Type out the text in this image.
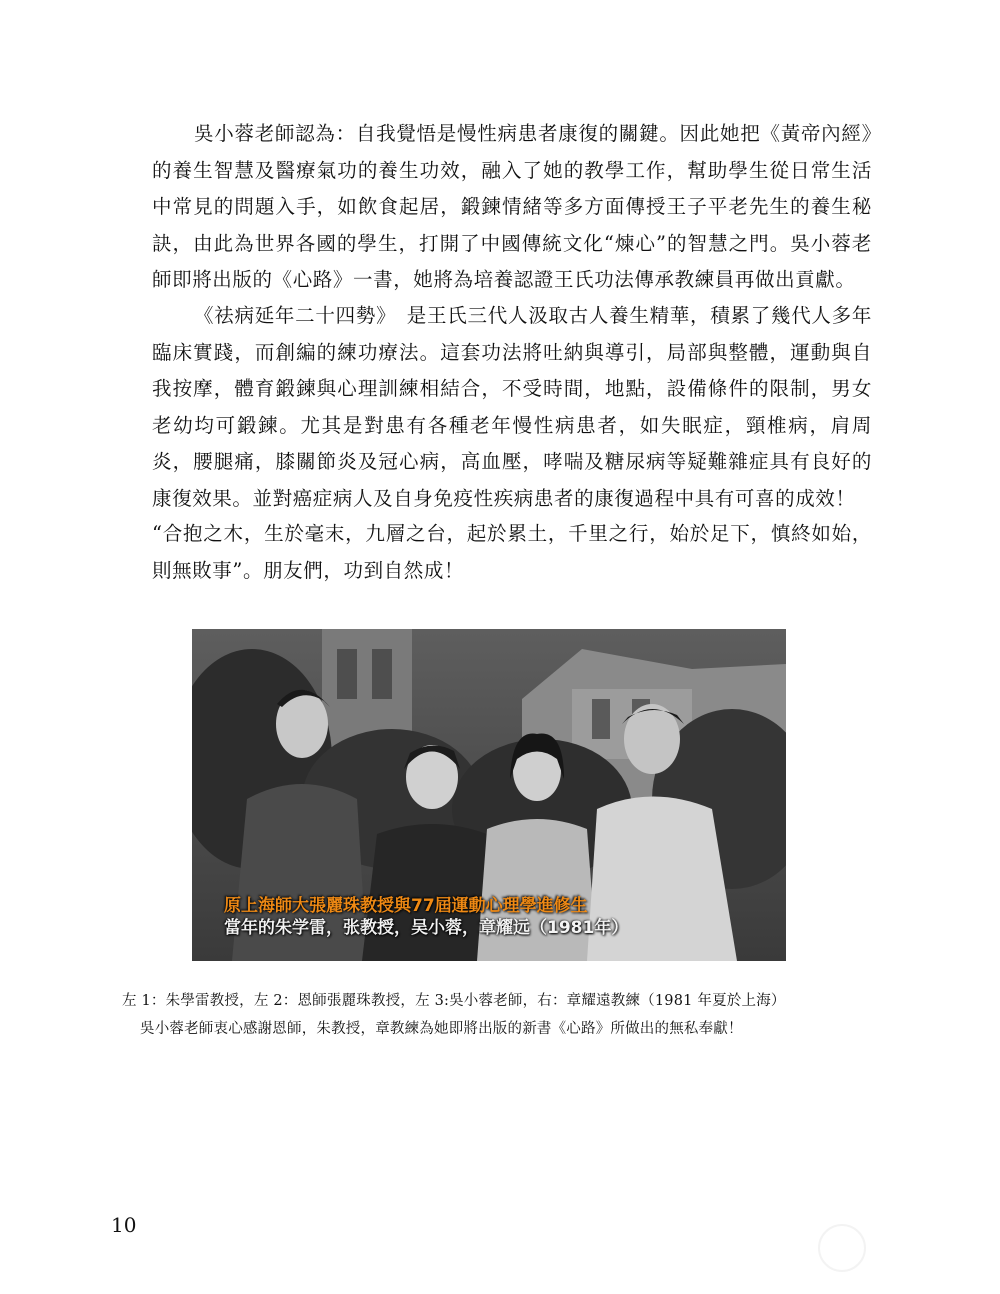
吳小蓉老師認為：自我覺悟是慢性病患者康復的關鍵。因此她把《黃帝內經》的養生智慧及醫療氣功的養生功效，融入了她的教學工作，幫助學生從日常生活中常見的問題入手，如飲食起居，鍛鍊情緒等多方面傳授王子平老先生的養生秘訣，由此為世界各國的學生，打開了中國傳統文化“煉心”的智慧之門。吳小蓉老師即將出版的《心路》一書，她將為培養認證王氏功法傳承教練員再做出貢獻。

《祛病延年二十四勢》　是王氏三代人汲取古人養生精華，積累了幾代人多年臨床實踐，而創編的練功療法。這套功法將吐納與導引，局部與整體，運動與自我按摩，體育鍛鍊與心理訓練相結合，不受時間，地點，設備條件的限制，男女老幼均可鍛鍊。尤其是對患有各種老年慢性病患者，如失眠症，頸椎病，肩周炎，腰腿痛，膝關節炎及冠心病，高血壓，哮喘及糖尿病等疑難雜症具有良好的康復效果。並對癌症病人及自身免疫性疾病患者的康復過程中具有可喜的成效！

“合抱之木，生於毫末，九層之台，起於累土，千里之行，始於足下，慎終如始，則無敗事”。朋友們，功到自然成！

原上海師大張麗珠教授與77屆運動心理學進修生
當年的朱学雷，张教授，吴小蓉，章耀远（1981年）

左 1：朱學雷教授，左 2：恩師張麗珠教授，左 3:吳小蓉老師，右：章耀遠教練（1981 年夏於上海）

吳小蓉老師衷心感謝恩師，朱教授，章教練為她即將出版的新書《心路》所做出的無私奉獻！

10
